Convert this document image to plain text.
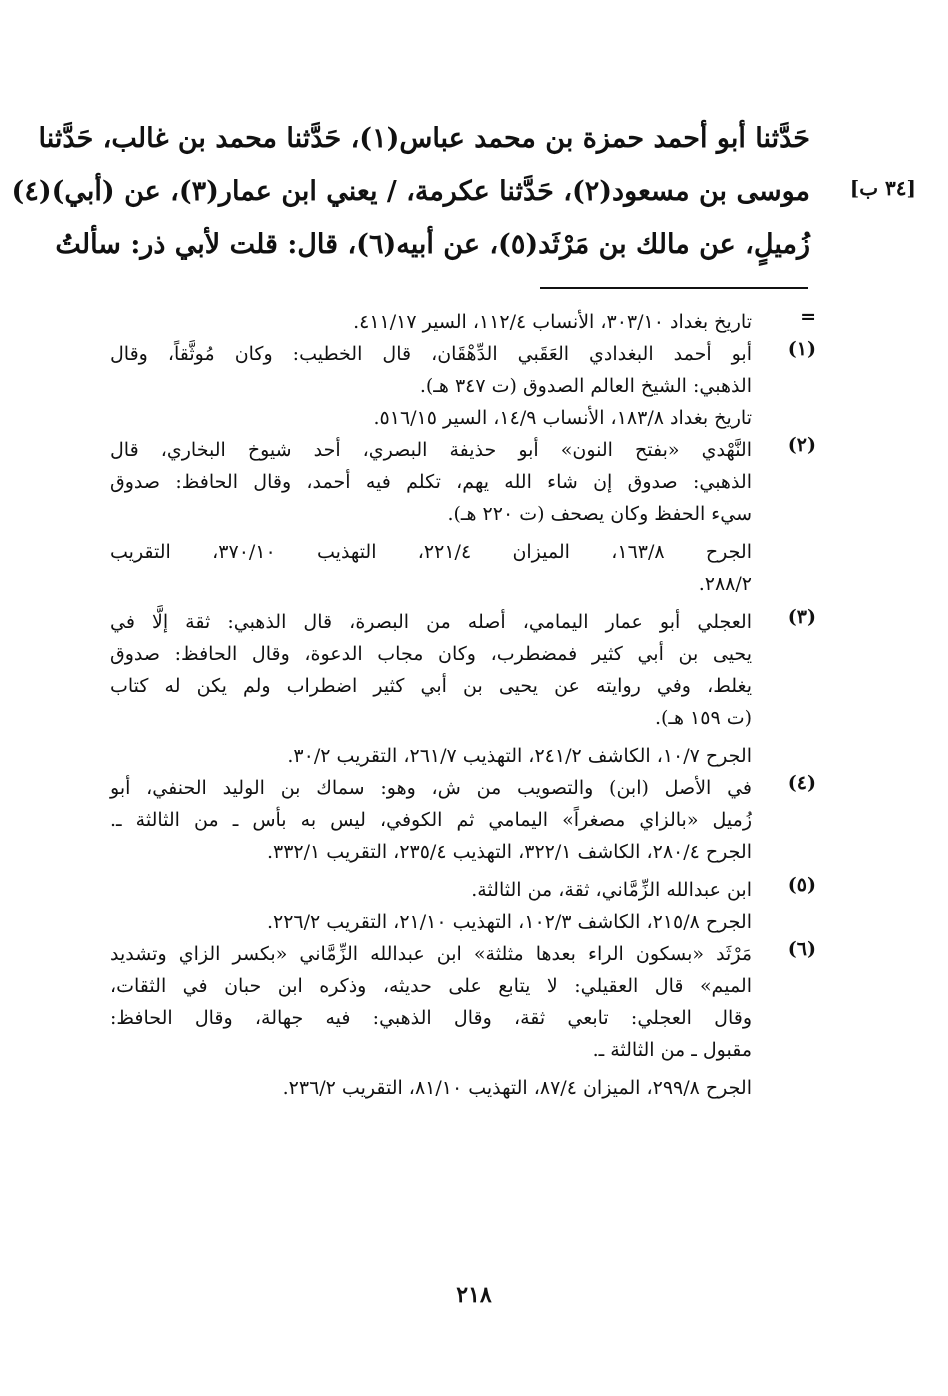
حَدَّثنا أبو أحمد حمزة بن محمد عباس(١)، حَدَّثنا محمد بن غالب، حَدَّثنا
موسى بن مسعود(٢)، حَدَّثنا عكرمة، / يعني ابن عمار(٣)، عن (أبي)(٤)
زُميلٍ، عن مالك بن مَرْثَد(٥)، عن أبيه(٦)، قال: قلت لأبي ذر: سألتُ
[٣٤ ب]
=
تاريخ بغداد ٣٠٣/١٠، الأنساب ١١٢/٤، السير ٤١١/١٧.
(١)
أبو أحمد البغدادي العَقَبي الدِّهْقَان، قال الخطيب: وكان مُوثَّقاً، وقال
الذهبي: الشيخ العالم الصدوق (ت ٣٤٧ هـ).
تاريخ بغداد ١٨٣/٨، الأنساب ١٤/٩، السير ٥١٦/١٥.
(٢)
النَّهْدي «بفتح النون» أبو حذيفة البصري، أحد شيوخ البخاري، قال
الذهبي: صدوق إن شاء الله يهم، تكلم فيه أحمد، وقال الحافظ: صدوق
سيء الحفظ وكان يصحف (ت ٢٢٠ هـ).
الجرح ١٦٣/٨، الميزان ٢٢١/٤، التهذيب ٣٧٠/١٠، التقريب
٢٨٨/٢.
(٣)
العجلي أبو عمار اليمامي، أصله من البصرة، قال الذهبي: ثقة إلَّا في
يحيى بن أبي كثير فمضطرب، وكان مجاب الدعوة، وقال الحافظ: صدوق
يغلط، وفي روايته عن يحيى بن أبي كثير اضطراب ولم يكن له كتاب
(ت ١٥٩ هـ).
الجرح ١٠/٧، الكاشف ٢٤١/٢، التهذيب ٢٦١/٧، التقريب ٣٠/٢.
(٤)
في الأصل (ابن) والتصويب من ش، وهو: سماك بن الوليد الحنفي، أبو
زُميل «بالزاي مصغراً» اليمامي ثم الكوفي، ليس به بأس ـ من الثالثة ـ.
الجرح ٢٨٠/٤، الكاشف ٣٢٢/١، التهذيب ٢٣٥/٤، التقريب ٣٣٢/١.
(٥)
ابن عبدالله الزِّمَّاني، ثقة، من الثالثة.
الجرح ٢١٥/٨، الكاشف ١٠٢/٣، التهذيب ٢١/١٠، التقريب ٢٢٦/٢.
(٦)
مَرْثَد «بسكون الراء بعدها مثلثة» ابن عبدالله الزِّمَّاني «بكسر الزاي وتشديد
الميم» قال العقيلي: لا يتابع على حديثه، وذكره ابن حبان في الثقات،
وقال العجلي: تابعي ثقة، وقال الذهبي: فيه جهالة، وقال الحافظ:
مقبول ـ من الثالثة ـ.
الجرح ٢٩٩/٨، الميزان ٨٧/٤، التهذيب ٨١/١٠، التقريب ٢٣٦/٢.
٢١٨
